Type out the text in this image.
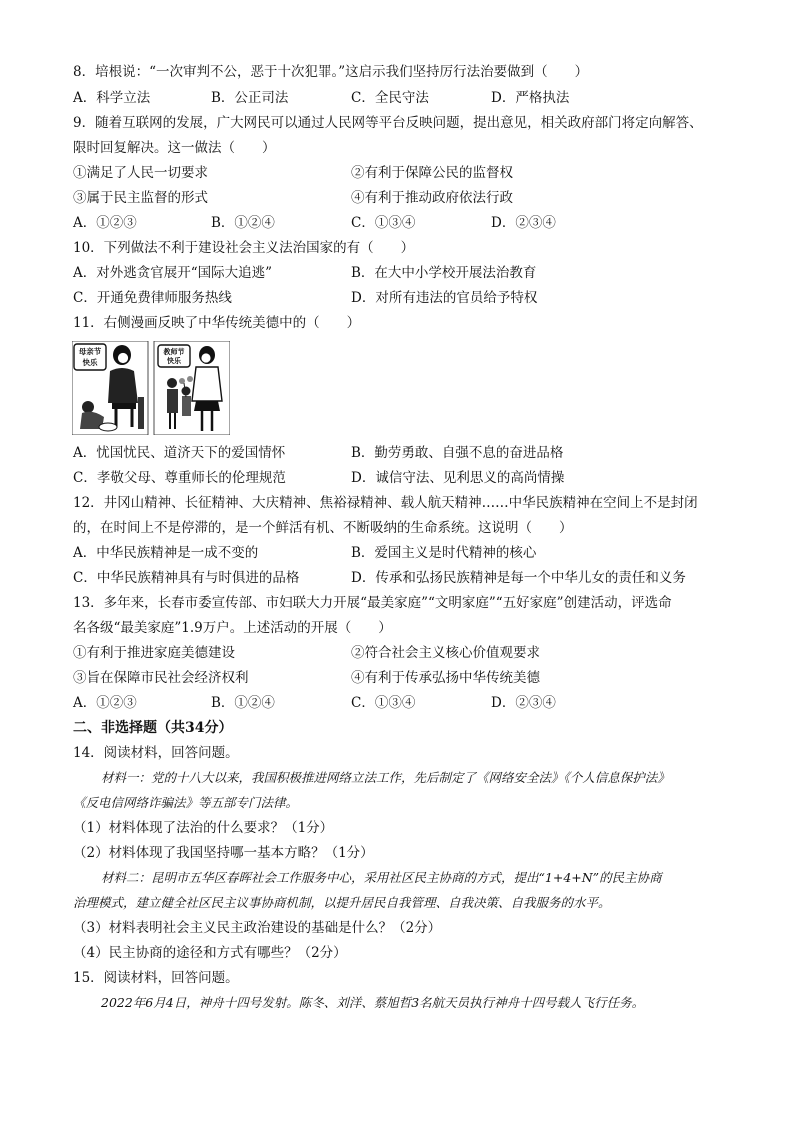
8．培根说：“一次审判不公，恶于十次犯罪。”这启示我们坚持厉行法治要做到（　　）
A．科学立法	B．公正司法	C．全民守法	D．严格执法
9．随着互联网的发展，广大网民可以通过人民网等平台反映问题，提出意见，相关政府部门将定向解答、
限时回复解决。这一做法（　　）
①满足了人民一切要求	②有利于保障公民的监督权
③属于民主监督的形式	④有利于推动政府依法行政
A．①②③	B．①②④	C．①③④	D．②③④
10．下列做法不利于建设社会主义法治国家的有（　　）
A．对外逃贪官展开“国际大追逃”	B．在大中小学校开展法治教育
C．开通免费律师服务热线	D．对所有违法的官员给予特权
11．右侧漫画反映了中华传统美德中的（　　）
母亲节
快乐
教师节
快乐
A．忧国忧民、道济天下的爱国情怀	B．勤劳勇敢、自强不息的奋进品格
C．孝敬父母、尊重师长的伦理规范	D．诚信守法、见利思义的高尚情操
12．井冈山精神、长征精神、大庆精神、焦裕禄精神、载人航天精神……中华民族精神在空间上不是封闭
的，在时间上不是停滞的，是一个鲜活有机、不断吸纳的生命系统。这说明（　　）
A．中华民族精神是一成不变的	B．爱国主义是时代精神的核心
C．中华民族精神具有与时俱进的品格	D．传承和弘扬民族精神是每一个中华儿女的责任和义务
13．多年来，长春市委宣传部、市妇联大力开展“最美家庭”“文明家庭”“五好家庭”创建活动，评选命
名各级“最美家庭”1.9万户。上述活动的开展（　　）
①有利于推进家庭美德建设	②符合社会主义核心价值观要求
③旨在保障市民社会经济权利	④有利于传承弘扬中华传统美德
A．①②③	B．①②④	C．①③④	D．②③④
二、非选择题（共34分）
14．阅读材料，回答问题。
材料一：党的十八大以来，我国积极推进网络立法工作，先后制定了《网络安全法》《个人信息保护法》
《反电信网络诈骗法》等五部专门法律。
（1）材料体现了法治的什么要求？（1分）
（2）材料体现了我国坚持哪一基本方略？（1分）
材料二：昆明市五华区春晖社会工作服务中心，采用社区民主协商的方式，提出“1+4+N”的民主协商
治理模式，建立健全社区民主议事协商机制，以提升居民自我管理、自我决策、自我服务的水平。
（3）材料表明社会主义民主政治建设的基础是什么？（2分）
（4）民主协商的途径和方式有哪些？（2分）
15．阅读材料，回答问题。
2022年6月4日，神舟十四号发射。陈冬、刘洋、蔡旭哲3名航天员执行神舟十四号载人飞行任务。
